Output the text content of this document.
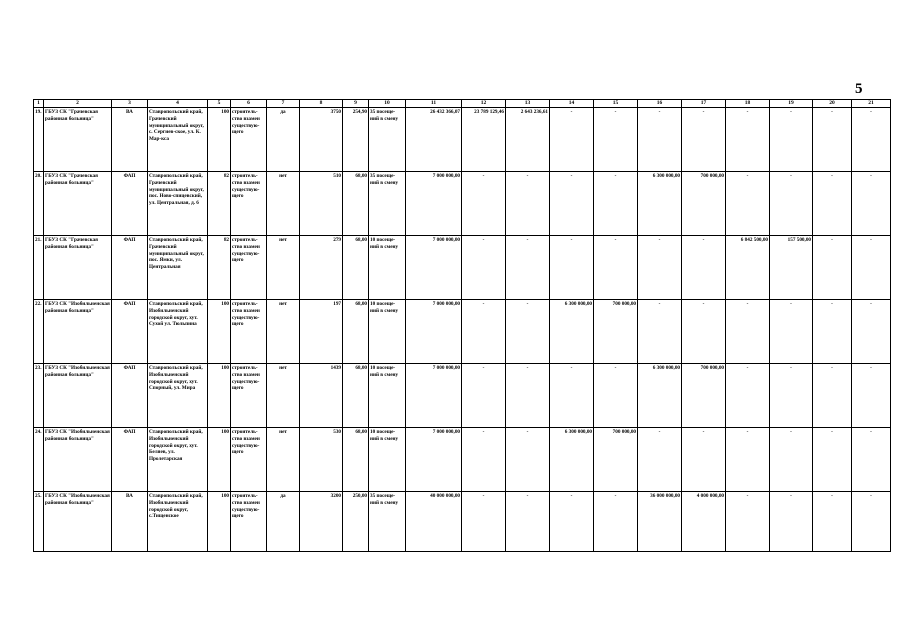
5
1	2	3	4	5	6	7	8	9	10	11	12	13	14	15	16	17	18	19	20	21
19.	ГБУЗ СК "Грачевская районная больница"	ВА	Ставропольский край, Грачевский муниципальный округ, с. Сергиев-ское, ул. К. Мар-кса	100	строитель-ство взамен существую-щего	да	3750	254,90	35 посеще-ний в смену	26 432 366,07	23 789 129,46	2 643 236,61	-	-	-	-	-	-	-	-
20.	ГБУЗ СК "Грачевская районная больница"	ФАП	Ставропольский край, Грачевский муниципальный округ, пос. Ново-спицевский, ул. Центральная, д. 6	82	строитель-ство взамен существую-щего	нет	510	68,00	35 посеще-ний в смену	7 000 000,00	-	-	-	-	6 300 000,00	700 000,00	-	-	-	-
21.	ГБУЗ СК "Грачевская районная больница"	ФАП	Ставропольский край, Грачевский муниципальный округ, пос. Ямки, ул. Центральная	82	строитель-ство взамен существую-щего	нет	279	68,00	10 посеще-ний в смену	7 000 000,00	-	-	-	-	-	-	6 842 500,00	157 500,00	-	-
22.	ГБУЗ СК "Изобильненская районная больница"	ФАП	Ставропольский край, Изобильненский городской округ, хут. Сухой ул. Тюльпина	100	строитель-ство взамен существую-щего	нет	197	68,00	10 посеще-ний в смену	7 000 000,00	-	-	6 300 000,00	700 000,00	-	-	-	-	-	-
23.	ГБУЗ СК "Изобильненская районная больница"	ФАП	Ставропольский край, Изобильненский городской округ, хут. Спорный, ул. Мира	100	строитель-ство взамен существую-щего	нет	1439	68,00	10 посеще-ний в смену	7 000 000,00	-	-	-	-	6 300 000,00	700 000,00	-	-	-	-
24.	ГБУЗ СК "Изобильненская районная больница"	ФАП	Ставропольский край, Изобильненский городской округ, хут. Беляев, ул. Пролетарская	100	строитель-ство взамен существую-щего	нет	530	68,00	10 посеще-ний в смену	7 000 000,00	-	-	6 300 000,00	700 000,00	-	-	-	-	-	-
25.	ГБУЗ СК "Изобильненская районная больница"	ВА	Ставропольский край, Изобильненский городской округ, с.Тищенское	100	строитель-ство взамен существую-щего	да	3200	250,00	35 посеще-ний в смену	40 000 000,00	-	-	-	-	36 000 000,00	4 000 000,00	-	-	-	-
